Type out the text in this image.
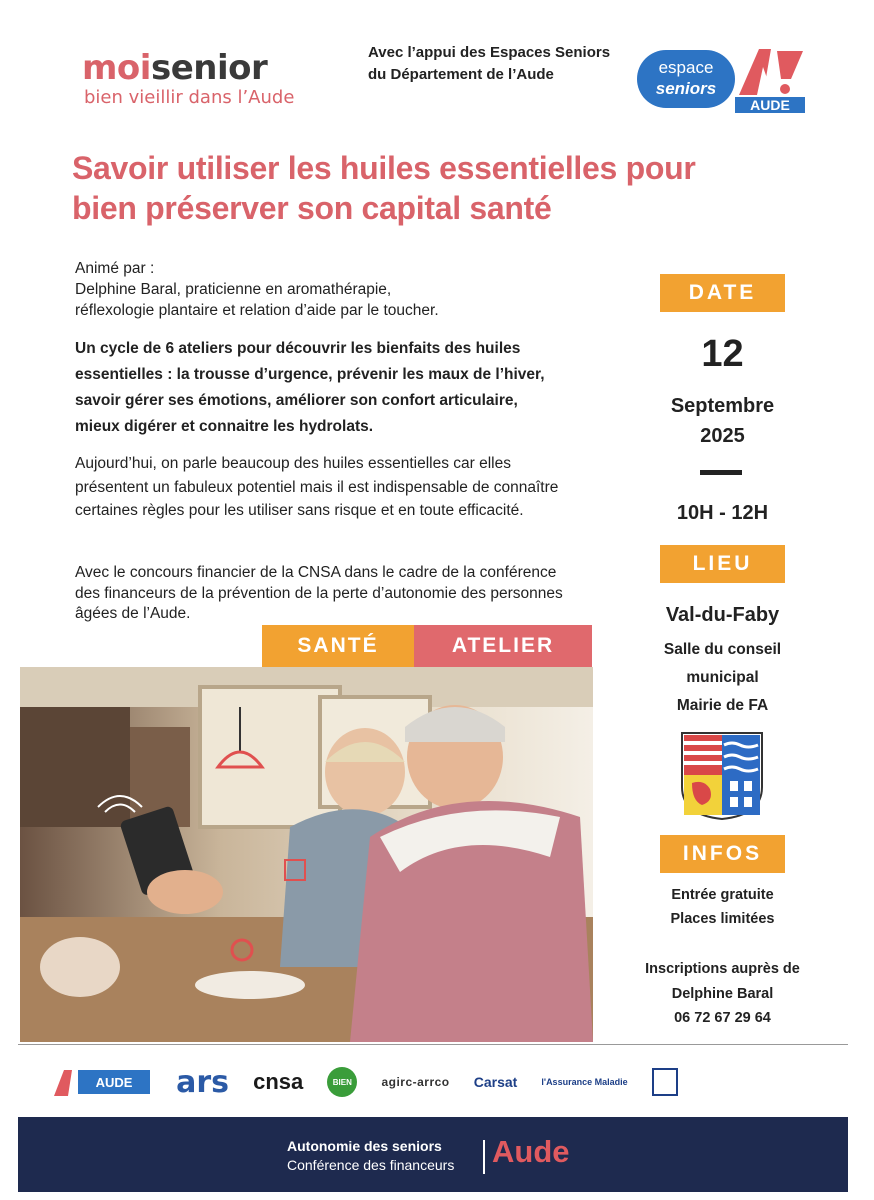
moisenior
bien vieillir dans l’Aude
Avec l’appui des Espaces Seniors
du Département de l’Aude	espace
seniors
AUDE
Savoir utiliser les huiles essentielles pour
bien préserver son capital santé
Animé par :
Delphine Baral, praticienne en aromathérapie,
réflexologie plantaire et relation d’aide par le toucher.
Un cycle de 6 ateliers pour découvrir les bienfaits des huiles essentielles : la trousse d’urgence, prévenir les maux de l’hiver, savoir gérer ses émotions, améliorer son confort articulaire, mieux digérer et connaitre les hydrolats.
Aujourd’hui, on parle beaucoup des huiles essentielles car elles présentent un fabuleux potentiel mais il est indispensable de connaître certaines règles pour les utiliser sans risque et en toute efficacité.
Avec le concours financier de la CNSA dans le cadre de la conférence des financeurs de la prévention de la perte d’autonomie des personnes âgées de l’Aude.
SANTÉ	ATELIER
DATE
12
Septembre
2025
10H - 12H
LIEU
Val-du-Faby
Salle du conseil
municipal
Mairie de FA
INFOS
Entrée gratuite
Places limitées
Inscriptions auprès de
Delphine Baral
06 72 67 29 64
AUDE ars cnsa	BIEN	agirc-arrco Carsat	l'Assurance Maladie
Autonomie des seniors
Conférence des financeurs Aude
